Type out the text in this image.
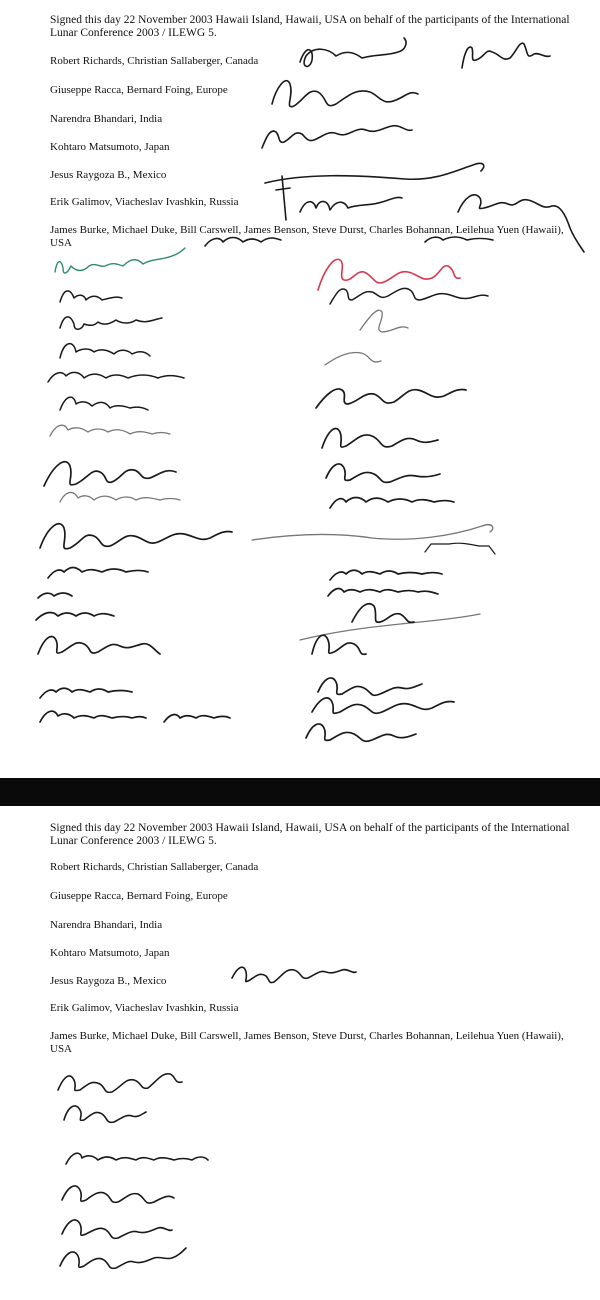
Signed this day 22 November 2003 Hawaii Island, Hawaii, USA on behalf of the participants of the International Lunar Conference 2003 / ILEWG 5.
Robert Richards, Christian Sallaberger, Canada
Giuseppe Racca, Bernard Foing, Europe
Narendra Bhandari, India
Kohtaro Matsumoto, Japan
Jesus Raygoza B., Mexico
Erik Galimov, Viacheslav Ivashkin, Russia
James Burke, Michael Duke, Bill Carswell, James Benson, Steve Durst, Charles Bohannan, Leilehua Yuen (Hawaii), USA
Signed this day 22 November 2003 Hawaii Island, Hawaii, USA on behalf of the participants of the International Lunar Conference 2003 / ILEWG 5.
Robert Richards, Christian Sallaberger, Canada
Giuseppe Racca, Bernard Foing, Europe
Narendra Bhandari, India
Kohtaro Matsumoto, Japan
Jesus Raygoza B., Mexico
Erik Galimov, Viacheslav Ivashkin, Russia
James Burke, Michael Duke, Bill Carswell, James Benson, Steve Durst, Charles Bohannan, Leilehua Yuen (Hawaii), USA
